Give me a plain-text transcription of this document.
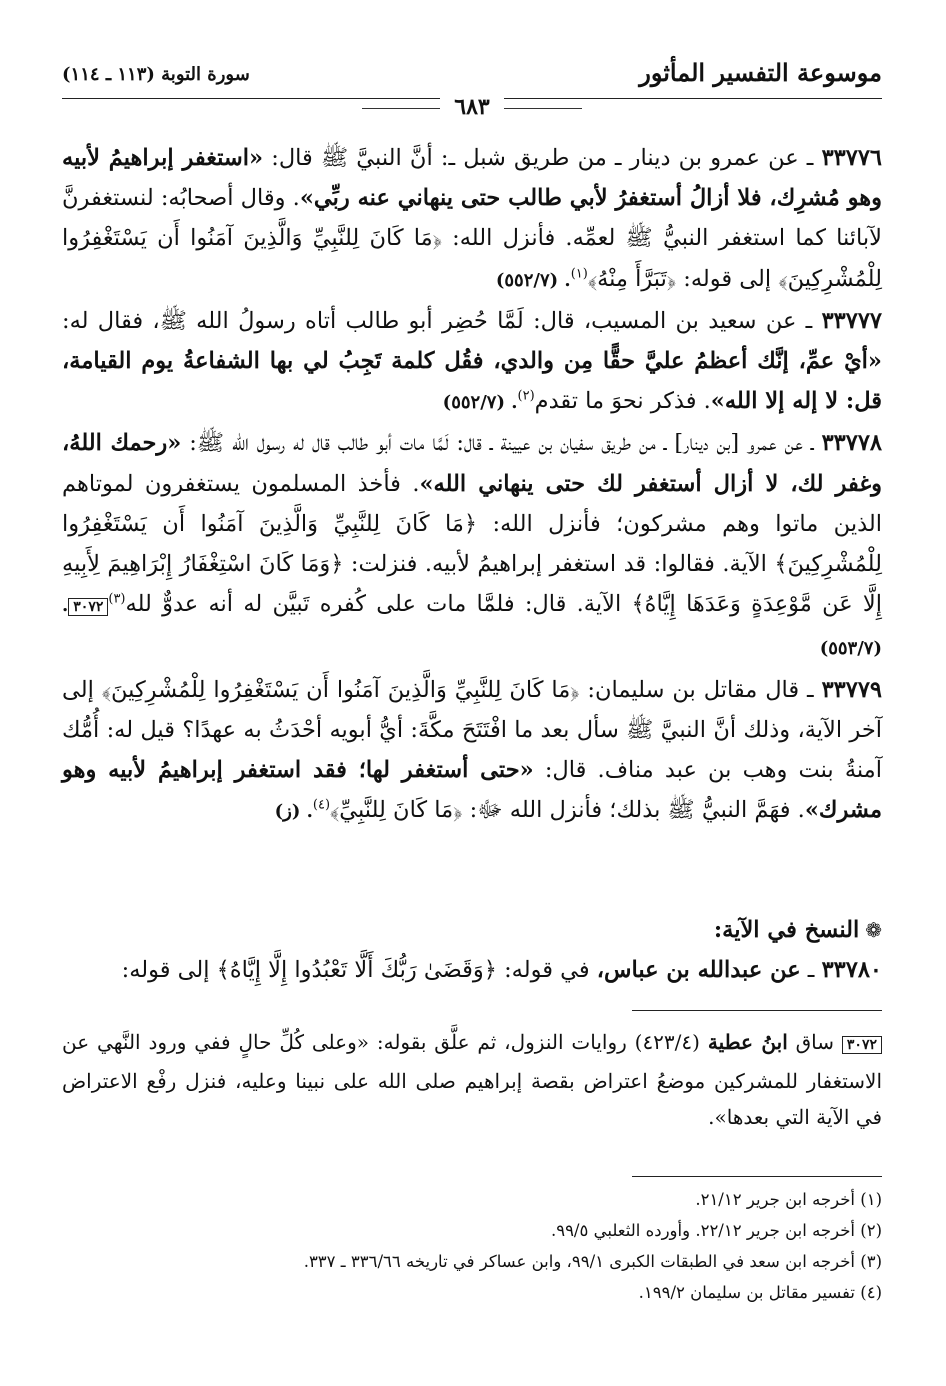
موسوعة التفسير المأثور
سورة التوبة (١١٣ ـ ١١٤)
٦٨٣

٣٣٧٧٦ ـ عن عمرو بن دينار ـ من طريق شبل ـ: أنَّ النبيَّ ﷺ قال: «استغفر إبراهيمُ لأبيه وهو مُشرِك، فلا أزالُ أستغفرُ لأبي طالب حتى ينهاني عنه ربِّي». وقال أصحابُه: لنستغفرنَّ لآبائنا كما استغفر النبيُّ ﷺ لعمِّه. فأنزل الله: ﴿مَا كَانَ لِلنَّبِيِّ وَالَّذِينَ آمَنُوا أَن يَسْتَغْفِرُوا لِلْمُشْرِكِينَ﴾ إلى قوله: ﴿تَبَرَّأَ مِنْهُ﴾$^{(١)}$. (٥٥٢/٧)

٣٣٧٧٧ ـ عن سعيد بن المسيب، قال: لَمَّا حُضِر أبو طالب أتاه رسولُ الله ﷺ، فقال له: «أيْ عمِّ، إنَّك أعظمُ عليَّ حقًّا مِن والدي، فقُل كلمة تَجِبُ لي بها الشفاعةُ يوم القيامة، قل: لا إله إلا الله». فذكر نحوَ ما تقدم$^{(٢)}$. (٥٥٢/٧)

٣٣٧٧٨ ـ عن عمرو [بن دينار] ـ من طريق سفيان بن عيينة ـ قال: لَمَّا مات أبو طالب قال له رسول الله ﷺ: «رحمك اللهُ، وغفر لك، لا أزال أستغفر لك حتى ينهاني الله». فأخذ المسلمون يستغفرون لموتاهم الذين ماتوا وهم مشركون؛ فأنزل الله: ﴿مَا كَانَ لِلنَّبِيِّ وَالَّذِينَ آمَنُوا أَن يَسْتَغْفِرُوا لِلْمُشْرِكِينَ﴾ الآية. فقالوا: قد استغفر إبراهيمُ لأبيه. فنزلت: ﴿وَمَا كَانَ اسْتِغْفَارُ إِبْرَاهِيمَ لِأَبِيهِ إِلَّا عَن مَّوْعِدَةٍ وَعَدَهَا إِيَّاهُ﴾ الآية. قال: فلمَّا مات على كُفره تَبيَّن له أنه عدوٌّ لله$^{(٣)}$٣٠٧٢. (٥٥٣/٧)

٣٣٧٧٩ ـ قال مقاتل بن سليمان: ﴿مَا كَانَ لِلنَّبِيِّ وَالَّذِينَ آمَنُوا أَن يَسْتَغْفِرُوا لِلْمُشْرِكِينَ﴾ إلى آخر الآية، وذلك أنَّ النبيَّ ﷺ سأل بعد ما افْتَتَحَ مكَّةَ: أيُّ أبويه أحْدَثُ به عهدًا؟ قيل له: أُمُّك آمنةُ بنت وهب بن عبد مناف. قال: «حتى أستغفر لها؛ فقد استغفر إبراهيمُ لأبيه وهو مشرك». فهَمَّ النبيُّ ﷺ بذلك؛ فأنزل الله ﷻ: ﴿مَا كَانَ لِلنَّبِيِّ﴾$^{(٤)}$. (ز)

❁النسخ في الآية:
٣٣٧٨٠ ـ عن عبدالله بن عباس، في قوله: ﴿وَقَضَىٰ رَبُّكَ أَلَّا تَعْبُدُوا إِلَّا إِيَّاهُ﴾ إلى قوله:
٣٠٧٢ ساق ابنُ عطية (٤٢٣/٤) روايات النزول، ثم علَّق بقوله: «وعلى كُلِّ حالٍ ففي ورود النَّهي عن الاستغفار للمشركين موضعُ اعتراض بقصة إبراهيم صلى الله على نبينا وعليه، فنزل رفْع الاعتراض في الآية التي بعدها».
(١) أخرجه ابن جرير ٢١/١٢.
(٢) أخرجه ابن جرير ٢٢/١٢. وأورده الثعلبي ٩٩/٥.
(٣) أخرجه ابن سعد في الطبقات الكبرى ٩٩/١، وابن عساكر في تاريخه ٣٣٦/٦٦ ـ ٣٣٧.
(٤) تفسير مقاتل بن سليمان ١٩٩/٢.
